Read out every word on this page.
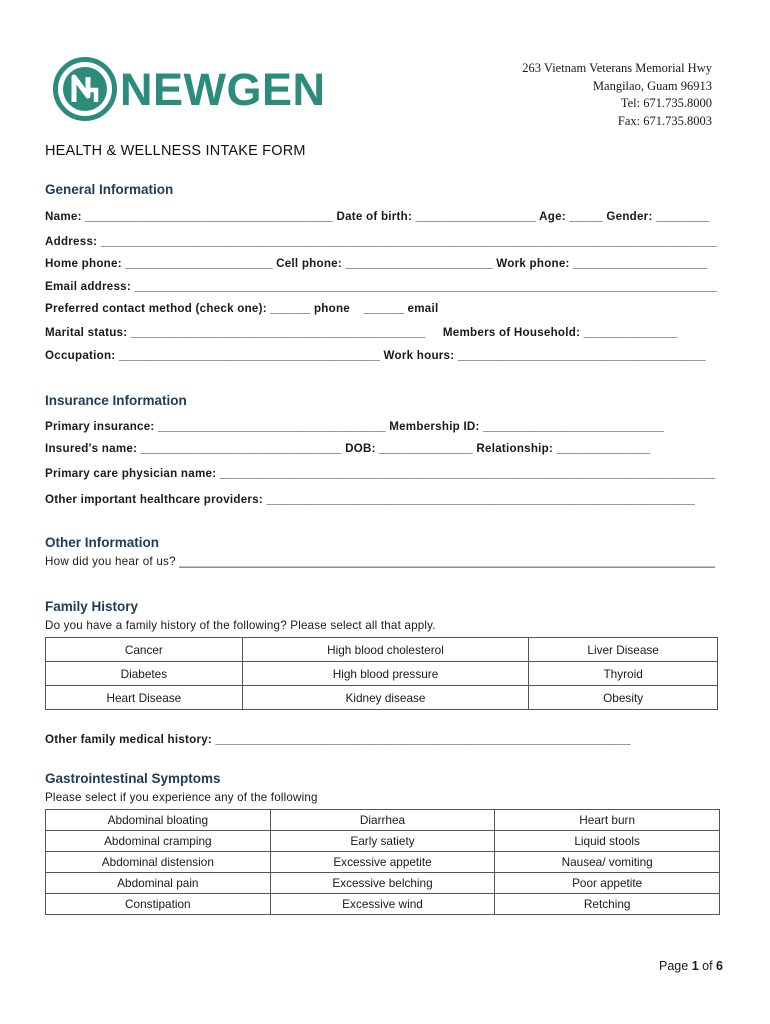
NEWGEN	263 Vietnam Veterans Memorial Hwy
Mangilao, Guam 96913
Tel: 671.735.8000
Fax: 671.735.8003
HEALTH & WELLNESS INTAKE FORM
General Information
Name: _____________________________________ Date of birth: __________________ Age: _____ Gender: ________
Address: ____________________________________________________________________________________________
Home phone: ______________________ Cell phone: ______________________ Work phone: ____________________
Email address: _______________________________________________________________________________________
Preferred contact method (check one): ______ phone    ______ email
Marital status: ____________________________________________     Members of Household: ______________
Occupation: _______________________________________ Work hours: _____________________________________
Insurance Information
Primary insurance: __________________________________ Membership ID: ___________________________
Insured's name: ______________________________ DOB: ______________ Relationship: ______________
Primary care physician name: __________________________________________________________________________
Other important healthcare providers: ________________________________________________________________
Other Information
How did you hear of us? ________________________________________________________________________________
Family History
Do you have a family history of the following? Please select all that apply.
Cancer	High blood cholesterol	Liver Disease
Diabetes	High blood pressure	Thyroid
Heart Disease	Kidney disease	Obesity
Other family medical history: ______________________________________________________________
Gastrointestinal Symptoms
Please select if you experience any of the following
Abdominal bloating	Diarrhea	Heart burn
Abdominal cramping	Early satiety	Liquid stools
Abdominal distension	Excessive appetite	Nausea/ vomiting
Abdominal pain	Excessive belching	Poor appetite
Constipation	Excessive wind	Retching
Page 1 of 6
